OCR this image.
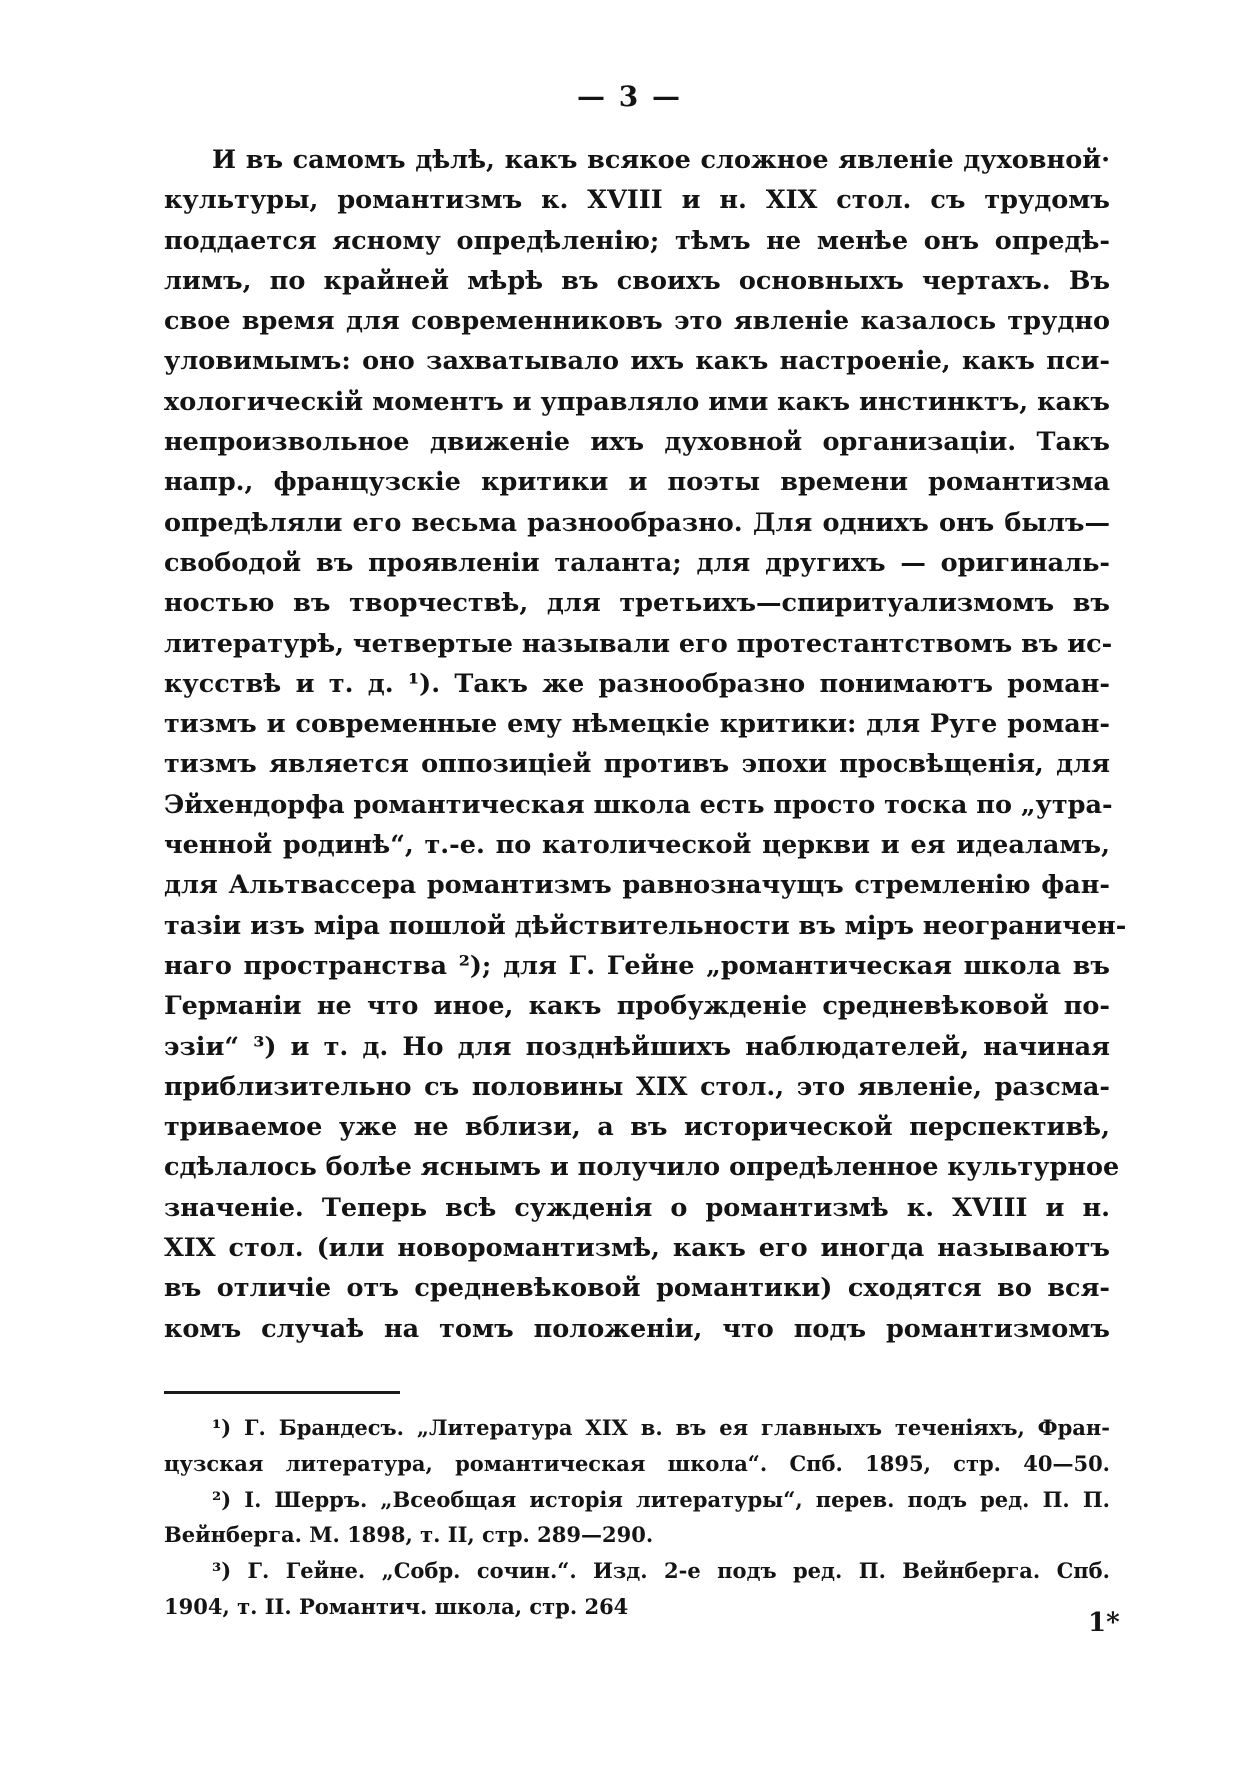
— 3 —
И въ самомъ дѣлѣ, какъ всякое сложное явленіе духовной·
культуры, романтизмъ к. XVIII и н. XIX стол. съ трудомъ
поддается ясному опредѣленію; тѣмъ не менѣе онъ опредѣ-
лимъ, по крайней мѣрѣ въ своихъ основныхъ чертахъ. Въ
свое время для современниковъ это явленіе казалось трудно
уловимымъ: оно захватывало ихъ какъ настроеніе, какъ пси-
хологическій моментъ и управляло ими какъ инстинктъ, какъ
непроизвольное движеніе ихъ духовной организаціи. Такъ
напр., французскіе критики и поэты времени романтизма
опредѣляли его весьма разнообразно. Для однихъ онъ былъ—
свободой въ проявленіи таланта; для другихъ — оригиналь-
ностью въ творчествѣ, для третьихъ—спиритуализмомъ въ
литературѣ, четвертые называли его протестантствомъ въ ис-
кусствѣ и т. д. ¹). Такъ же разнообразно понимаютъ роман-
тизмъ и современные ему нѣмецкіе критики: для Руге роман-
тизмъ является оппозиціей противъ эпохи просвѣщенія, для
Эйхендорфа романтическая школа есть просто тоска по „утра-
ченной родинѣ“, т.-е. по католической церкви и ея идеаламъ,
для Альтвассера романтизмъ равнозначущъ стремленію фан-
тазіи изъ міра пошлой дѣйствительности въ міръ неограничен-
наго пространства ²); для Г. Гейне „романтическая школа въ
Германіи не что иное, какъ пробужденіе средневѣковой по-
эзіи“ ³) и т. д. Но для позднѣйшихъ наблюдателей, начиная
приблизительно съ половины XIX стол., это явленіе, разсма-
триваемое уже не вблизи, а въ исторической перспективѣ,
сдѣлалось болѣе яснымъ и получило опредѣленное культурное
значеніе. Теперь всѣ сужденія о романтизмѣ к. XVIII и н.
XIX стол. (или новоромантизмѣ, какъ его иногда называютъ
въ отличіе отъ средневѣковой романтики) сходятся во вся-
комъ случаѣ на томъ положеніи, что подъ романтизмомъ
¹) Г. Брандесъ. „Литература XIX в. въ ея главныхъ теченіяхъ, Фран-
цузская литература, романтическая школа“. Спб. 1895, стр. 40—50.
²) І. Шерръ. „Всеобщая исторія литературы“, перев. подъ ред. П. П.
Вейнберга. М. 1898, т. II, стр. 289—290.
³) Г. Гейне. „Собр. сочин.“. Изд. 2-е подъ ред. П. Вейнберга. Спб.
1904, т. II. Романтич. школа, стр. 264
1*
